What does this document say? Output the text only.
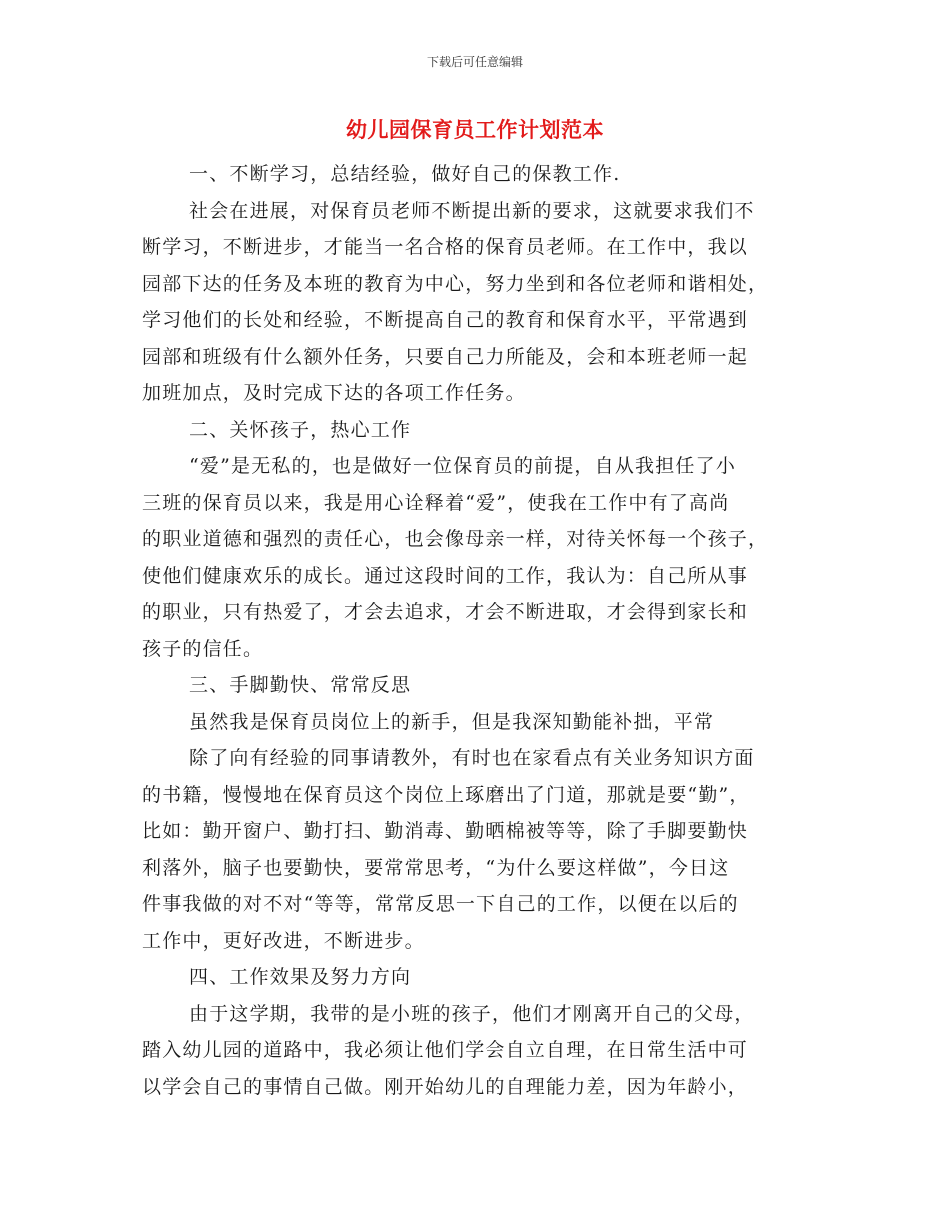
下载后可任意编辑
幼儿园保育员工作计划范本

一、不断学习，总结经验，做好自己的保教工作.

社会在进展，对保育员老师不断提出新的要求，这就要求我们不
断学习，不断进步，才能当一名合格的保育员老师。在工作中，我以
园部下达的任务及本班的教育为中心，努力坐到和各位老师和谐相处，
学习他们的长处和经验，不断提高自己的教育和保育水平，平常遇到
园部和班级有什么额外任务，只要自己力所能及，会和本班老师一起
加班加点，及时完成下达的各项工作任务。

二、关怀孩子，热心工作

“爱”是无私的，也是做好一位保育员的前提，自从我担任了小
三班的保育员以来，我是用心诠释着“爱”，使我在工作中有了高尚
的职业道德和强烈的责任心，也会像母亲一样，对待关怀每一个孩子，
使他们健康欢乐的成长。通过这段时间的工作，我认为：自己所从事
的职业，只有热爱了，才会去追求，才会不断进取，才会得到家长和
孩子的信任。

三、手脚勤快、常常反思

虽然我是保育员岗位上的新手，但是我深知勤能补拙，平常

除了向有经验的同事请教外，有时也在家看点有关业务知识方面
的书籍，慢慢地在保育员这个岗位上琢磨出了门道，那就是要“勤”，
比如：勤开窗户、勤打扫、勤消毒、勤晒棉被等等，除了手脚要勤快
利落外，脑子也要勤快，要常常思考，“为什么要这样做”，今日这
件事我做的对不对“等等，常常反思一下自己的工作，以便在以后的
工作中，更好改进，不断进步。

四、工作效果及努力方向

由于这学期，我带的是小班的孩子，他们才刚离开自己的父母，
踏入幼儿园的道路中，我必须让他们学会自立自理，在日常生活中可
以学会自己的事情自己做。刚开始幼儿的自理能力差，因为年龄小，
